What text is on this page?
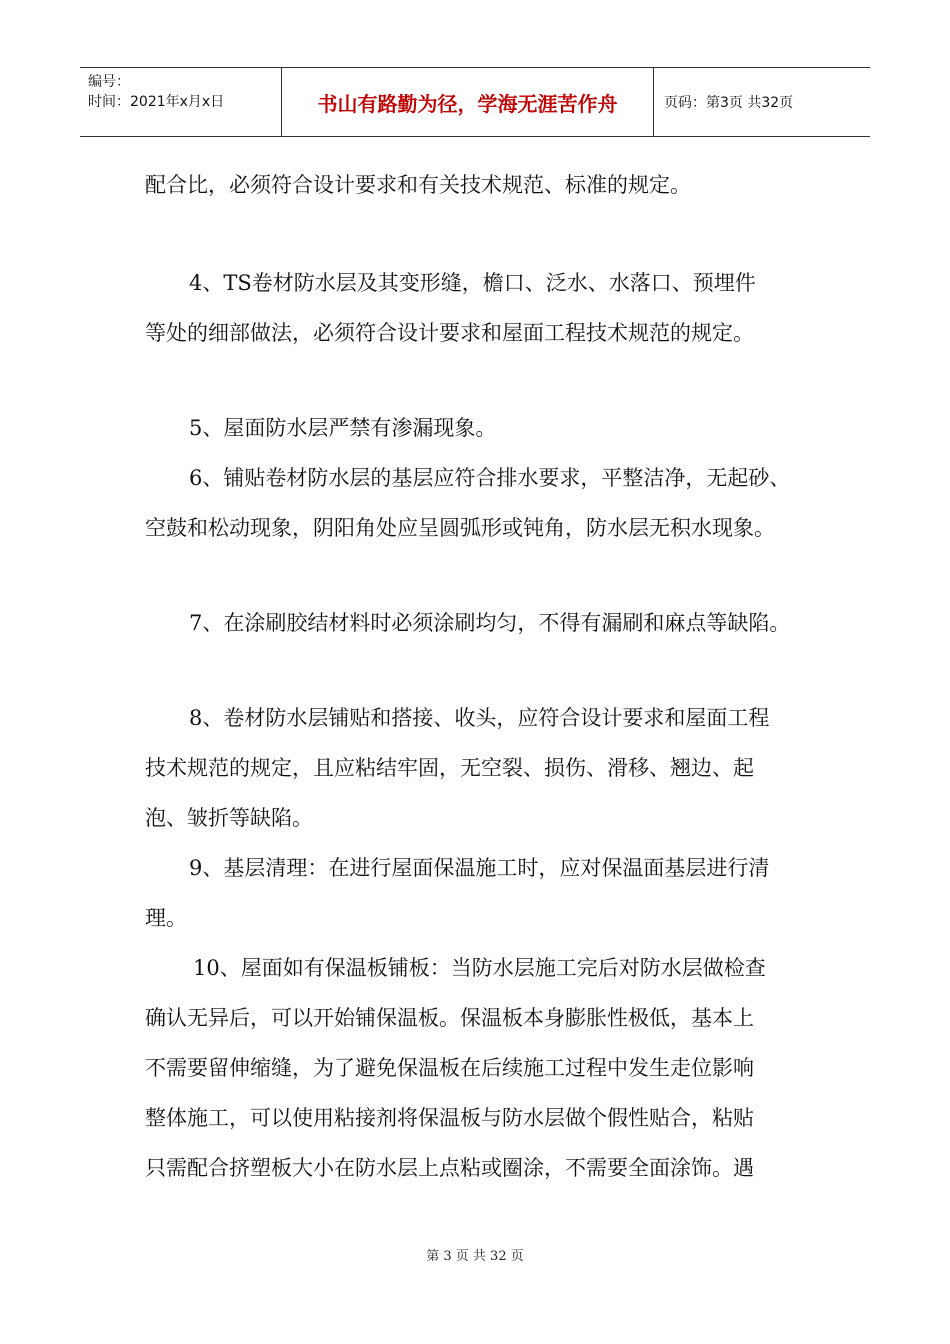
编号：
时间：2021年x月x日	书山有路勤为径，学海无涯苦作舟	页码：第3页 共32页

配合比，必须符合设计要求和有关技术规范、标准的规定。

4、TS卷材防水层及其变形缝，檐口、泛水、水落口、预埋件

等处的细部做法，必须符合设计要求和屋面工程技术规范的规定。

5、屋面防水层严禁有渗漏现象。

6、铺贴卷材防水层的基层应符合排水要求，平整洁净，无起砂、

空鼓和松动现象，阴阳角处应呈圆弧形或钝角，防水层无积水现象。

7、在涂刷胶结材料时必须涂刷均匀，不得有漏刷和麻点等缺陷。

8、卷材防水层铺贴和搭接、收头，应符合设计要求和屋面工程

技术规范的规定，且应粘结牢固，无空裂、损伤、滑移、翘边、起

泡、皱折等缺陷。

9、基层清理：在进行屋面保温施工时，应对保温面基层进行清

理。

10、屋面如有保温板铺板：当防水层施工完后对防水层做检查

确认无异后，可以开始铺保温板。保温板本身膨胀性极低，基本上

不需要留伸缩缝，为了避免保温板在后续施工过程中发生走位影响

整体施工，可以使用粘接剂将保温板与防水层做个假性贴合，粘贴

只需配合挤塑板大小在防水层上点粘或圈涂，不需要全面涂饰。遇

第 3 页 共 32 页
